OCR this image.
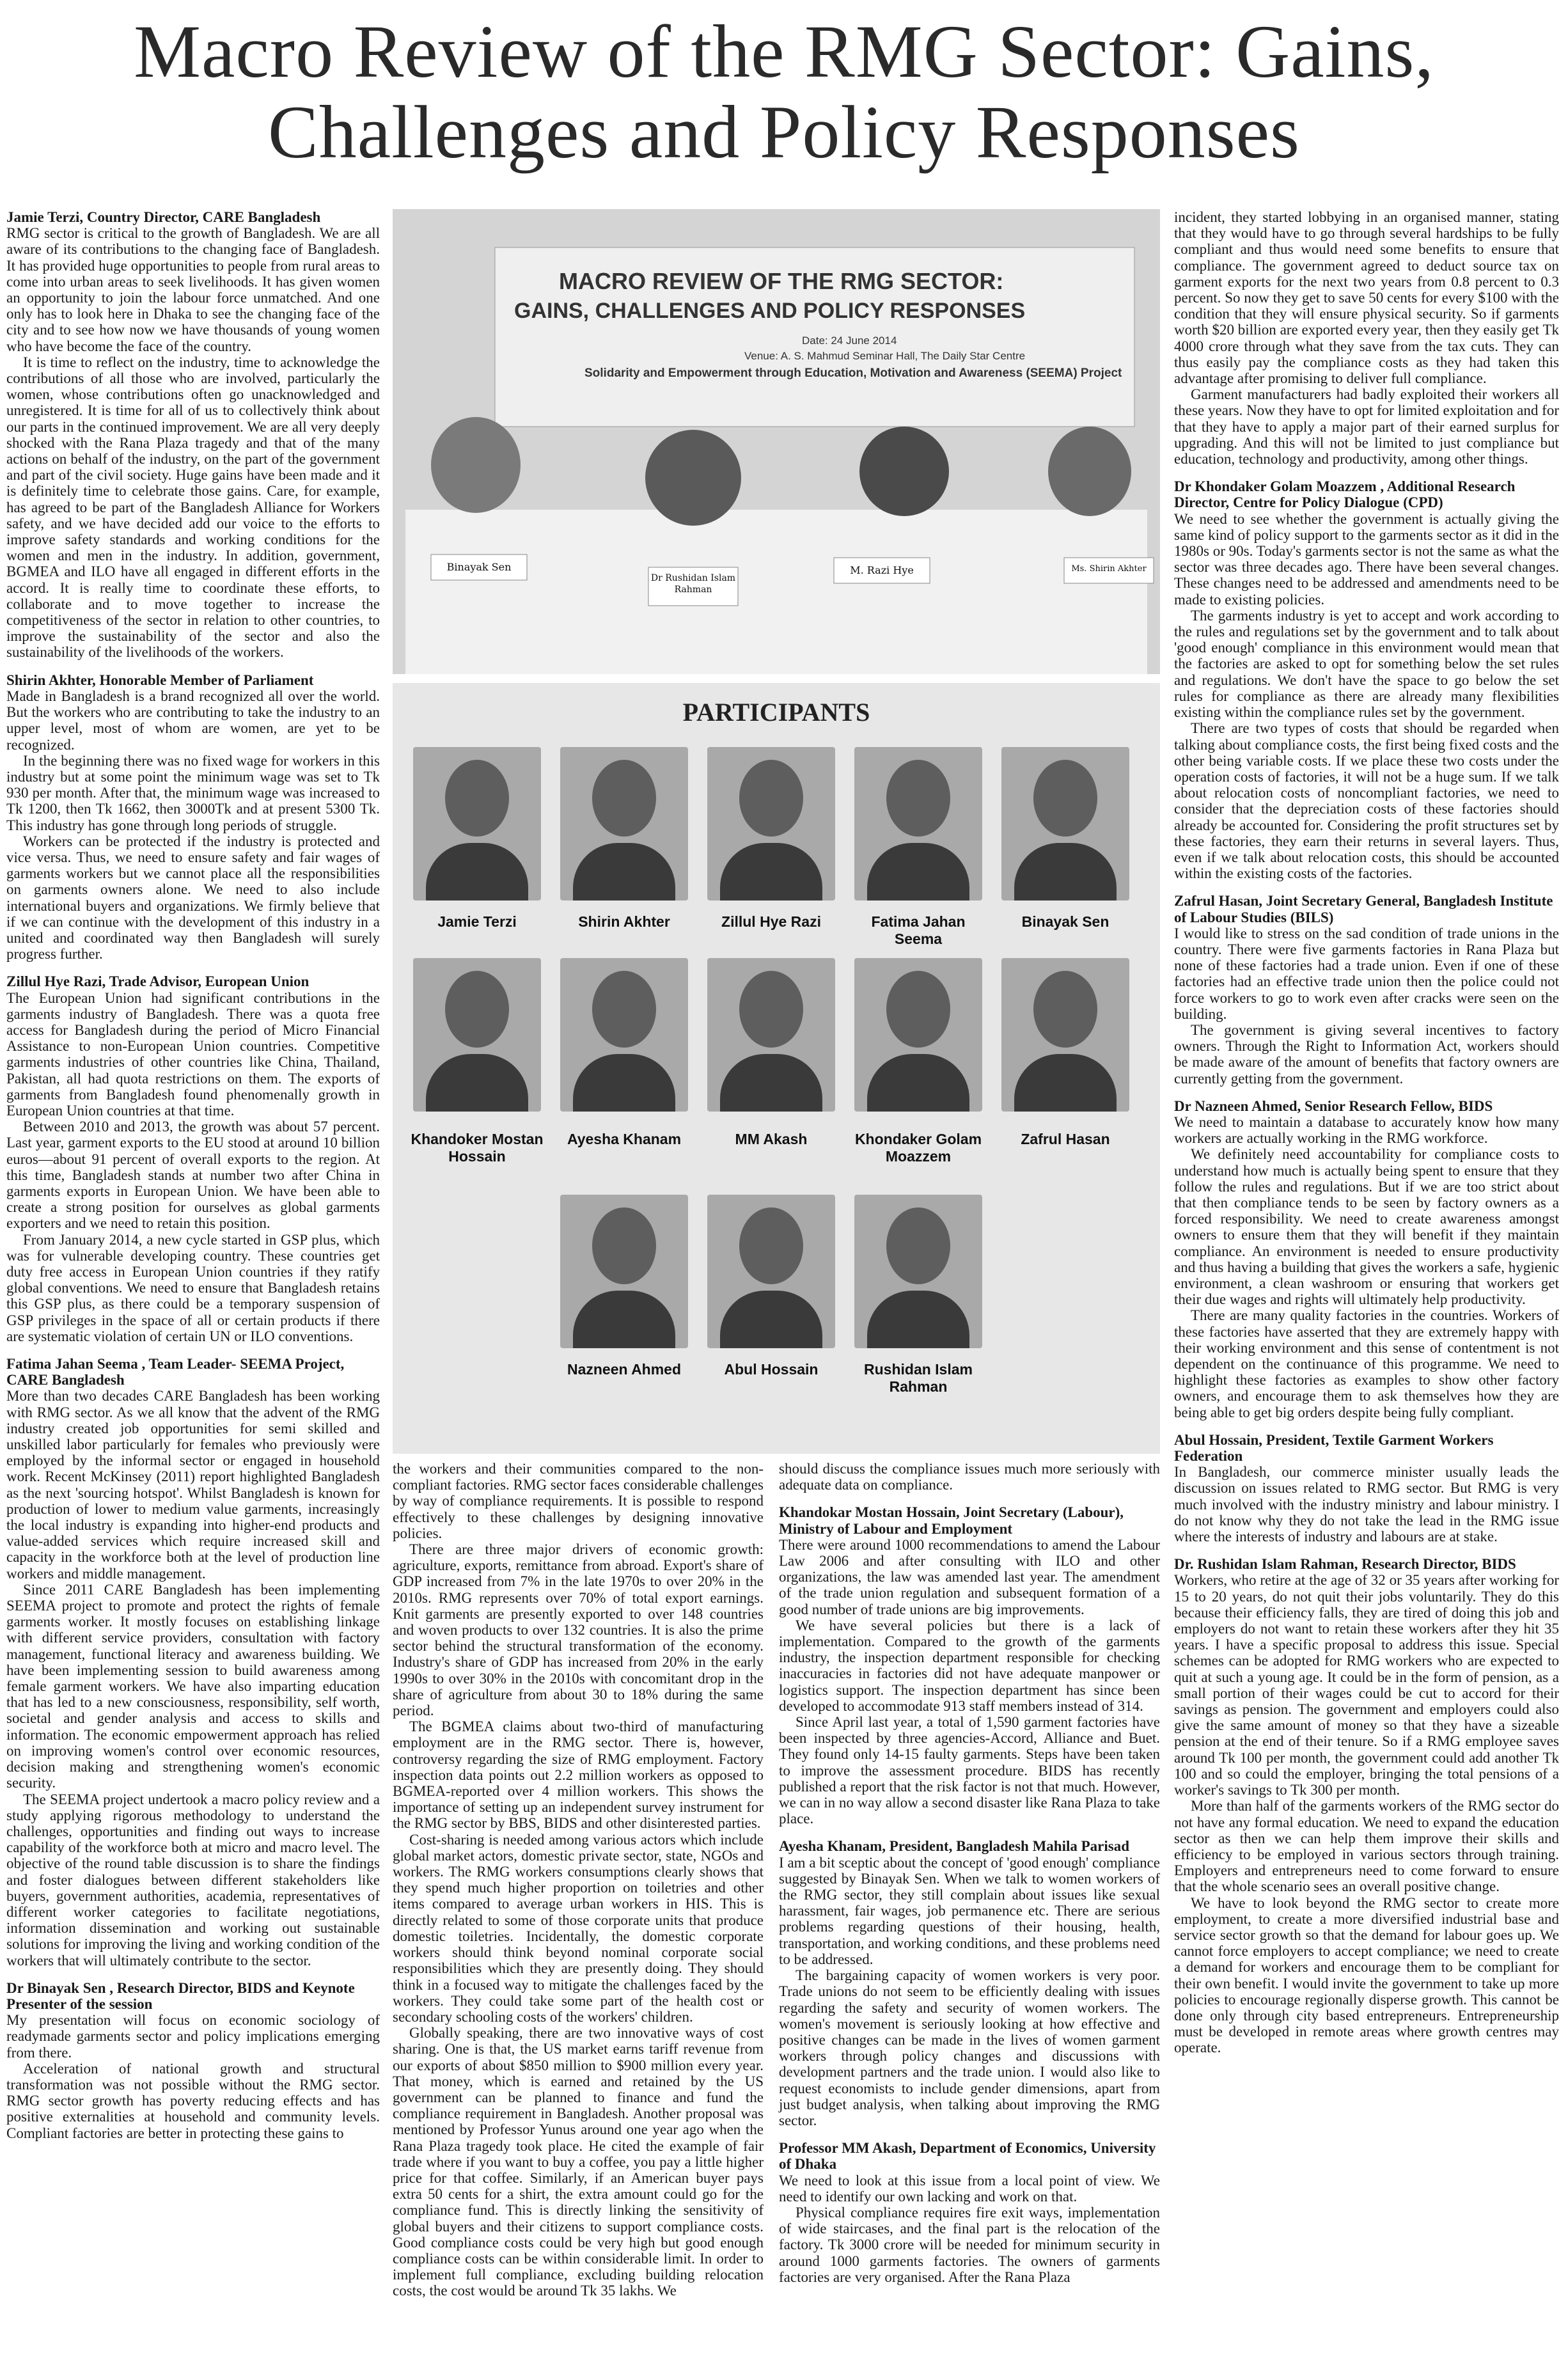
Macro Review of the RMG Sector: Gains, Challenges and Policy Responses
Jamie Terzi, Country Director, CARE Bangladesh

RMG sector is critical to the growth of Bangladesh. We are all aware of its contributions to the changing face of Bangladesh. It has provided huge opportunities to people from rural areas to come into urban areas to seek livelihoods. It has given women an opportunity to join the labour force unmatched. And one only has to look here in Dhaka to see the changing face of the city and to see how now we have thousands of young women who have become the face of the country.

It is time to reflect on the industry, time to acknowledge the contributions of all those who are involved, particularly the women, whose contributions often go unacknowledged and unregistered. It is time for all of us to collectively think about our parts in the continued improvement. We are all very deeply shocked with the Rana Plaza tragedy and that of the many actions on behalf of the industry, on the part of the government and part of the civil society. Huge gains have been made and it is definitely time to celebrate those gains. Care, for example, has agreed to be part of the Bangladesh Alliance for Workers safety, and we have decided add our voice to the efforts to improve safety standards and working conditions for the women and men in the industry. In addition, government, BGMEA and ILO have all engaged in different efforts in the accord. It is really time to coordinate these efforts, to collaborate and to move together to increase the competitiveness of the sector in relation to other countries, to improve the sustainability of the sector and also the sustainability of the livelihoods of the workers.

Shirin Akhter, Honorable Member of Parliament

Made in Bangladesh is a brand recognized all over the world. But the workers who are contributing to take the industry to an upper level, most of whom are women, are yet to be recognized.

In the beginning there was no fixed wage for workers in this industry but at some point the minimum wage was set to Tk 930 per month. After that, the minimum wage was increased to Tk 1200, then Tk 1662, then 3000Tk and at present 5300 Tk. This industry has gone through long periods of struggle.

Workers can be protected if the industry is protected and vice versa. Thus, we need to ensure safety and fair wages of garments workers but we cannot place all the responsibilities on garments owners alone. We need to also include international buyers and organizations. We firmly believe that if we can continue with the development of this industry in a united and coordinated way then Bangladesh will surely progress further.

Zillul Hye Razi, Trade Advisor, European Union

The European Union had significant contributions in the garments industry of Bangladesh. There was a quota free access for Bangladesh during the period of Micro Financial Assistance to non-European Union countries. Competitive garments industries of other countries like China, Thailand, Pakistan, all had quota restrictions on them. The exports of garments from Bangladesh found phenomenally growth in European Union countries at that time.

Between 2010 and 2013, the growth was about 57 percent. Last year, garment exports to the EU stood at around 10 billion euros—about 91 percent of overall exports to the region. At this time, Bangladesh stands at number two after China in garments exports in European Union. We have been able to create a strong position for ourselves as global garments exporters and we need to retain this position.

From January 2014, a new cycle started in GSP plus, which was for vulnerable developing country. These countries get duty free access in European Union countries if they ratify global conventions. We need to ensure that Bangladesh retains this GSP plus, as there could be a temporary suspension of GSP privileges in the space of all or certain products if there are systematic violation of certain UN or ILO conventions.

Fatima Jahan Seema , Team Leader- SEEMA Project, CARE Bangladesh

More than two decades CARE Bangladesh has been working with RMG sector. As we all know that the advent of the RMG industry created job opportunities for semi skilled and unskilled labor particularly for females who previously were employed by the informal sector or engaged in household work. Recent McKinsey (2011) report highlighted Bangladesh as the next 'sourcing hotspot'. Whilst Bangladesh is known for production of lower to medium value garments, increasingly the local industry is expanding into higher-end products and value-added services which require increased skill and capacity in the workforce both at the level of production line workers and middle management.

Since 2011 CARE Bangladesh has been implementing SEEMA project to promote and protect the rights of female garments worker. It mostly focuses on establishing linkage with different service providers, consultation with factory management, functional literacy and awareness building. We have been implementing session to build awareness among female garment workers. We have also imparting education that has led to a new consciousness, responsibility, self worth, societal and gender analysis and access to skills and information. The economic empowerment approach has relied on improving women's control over economic resources, decision making and strengthening women's economic security.

The SEEMA project undertook a macro policy review and a study applying rigorous methodology to understand the challenges, opportunities and finding out ways to increase capability of the workforce both at micro and macro level. The objective of the round table discussion is to share the findings and foster dialogues between different stakeholders like buyers, government authorities, academia, representatives of different worker categories to facilitate negotiations, information dissemination and working out sustainable solutions for improving the living and working condition of the workers that will ultimately contribute to the sector.

Dr Binayak Sen , Research Director, BIDS and Keynote Presenter of the session

My presentation will focus on economic sociology of readymade garments sector and policy implications emerging from there.

Acceleration of national growth and structural transformation was not possible without the RMG sector. RMG sector growth has poverty reducing effects and has positive externalities at household and community levels. Compliant factories are better in protecting these gains to

the workers and their communities compared to the non-compliant factories. RMG sector faces considerable challenges by way of compliance requirements. It is possible to respond effectively to these challenges by designing innovative policies.

There are three major drivers of economic growth: agriculture, exports, remittance from abroad. Export's share of GDP increased from 7% in the late 1970s to over 20% in the 2010s. RMG represents over 70% of total export earnings. Knit garments are presently exported to over 148 countries and woven products to over 132 countries. It is also the prime sector behind the structural transformation of the economy. Industry's share of GDP has increased from 20% in the early 1990s to over 30% in the 2010s with concomitant drop in the share of agriculture from about 30 to 18% during the same period.

The BGMEA claims about two-third of manufacturing employment are in the RMG sector. There is, however, controversy regarding the size of RMG employment. Factory inspection data points out 2.2 million workers as opposed to BGMEA-reported over 4 million workers. This shows the importance of setting up an independent survey instrument for the RMG sector by BBS, BIDS and other disinterested parties.

Cost-sharing is needed among various actors which include global market actors, domestic private sector, state, NGOs and workers. The RMG workers consumptions clearly shows that they spend much higher proportion on toiletries and other items compared to average urban workers in HIS. This is directly related to some of those corporate units that produce domestic toiletries. Incidentally, the domestic corporate workers should think beyond nominal corporate social responsibilities which they are presently doing. They should think in a focused way to mitigate the challenges faced by the workers. They could take some part of the health cost or secondary schooling costs of the workers' children.

Globally speaking, there are two innovative ways of cost sharing. One is that, the US market earns tariff revenue from our exports of about $850 million to $900 million every year. That money, which is earned and retained by the US government can be planned to finance and fund the compliance requirement in Bangladesh. Another proposal was mentioned by Professor Yunus around one year ago when the Rana Plaza tragedy took place. He cited the example of fair trade where if you want to buy a coffee, you pay a little higher price for that coffee. Similarly, if an American buyer pays extra 50 cents for a shirt, the extra amount could go for the compliance fund. This is directly linking the sensitivity of global buyers and their citizens to support compliance costs. Good compliance costs could be very high but good enough compliance costs can be within considerable limit. In order to implement full compliance, excluding building relocation costs, the cost would be around Tk 35 lakhs. We

should discuss the compliance issues much more seriously with adequate data on compliance.

Khandokar Mostan Hossain, Joint Secretary (Labour), Ministry of Labour and Employment

There were around 1000 recommendations to amend the Labour Law 2006 and after consulting with ILO and other organizations, the law was amended last year. The amendment of the trade union regulation and subsequent formation of a good number of trade unions are big improvements.

We have several policies but there is a lack of implementation. Compared to the growth of the garments industry, the inspection department responsible for checking inaccuracies in factories did not have adequate manpower or logistics support. The inspection department has since been developed to accommodate 913 staff members instead of 314.

Since April last year, a total of 1,590 garment factories have been inspected by three agencies-Accord, Alliance and Buet. They found only 14-15 faulty garments. Steps have been taken to improve the assessment procedure. BIDS has recently published a report that the risk factor is not that much. However, we can in no way allow a second disaster like Rana Plaza to take place.

Ayesha Khanam, President, Bangladesh Mahila Parisad

I am a bit sceptic about the concept of 'good enough' compliance suggested by Binayak Sen. When we talk to women workers of the RMG sector, they still complain about issues like sexual harassment, fair wages, job permanence etc. There are serious problems regarding questions of their housing, health, transportation, and working conditions, and these problems need to be addressed.

The bargaining capacity of women workers is very poor. Trade unions do not seem to be efficiently dealing with issues regarding the safety and security of women workers. The women's movement is seriously looking at how effective and positive changes can be made in the lives of women garment workers through policy changes and discussions with development partners and the trade union. I would also like to request economists to include gender dimensions, apart from just budget analysis, when talking about improving the RMG sector.

Professor MM Akash, Department of Economics, University of Dhaka

We need to look at this issue from a local point of view. We need to identify our own lacking and work on that.

Physical compliance requires fire exit ways, implementation of wide staircases, and the final part is the relocation of the factory. Tk 3000 crore will be needed for minimum security in around 1000 garments factories. The owners of garments factories are very organised. After the Rana Plaza

incident, they started lobbying in an organised manner, stating that they would have to go through several hardships to be fully compliant and thus would need some benefits to ensure that compliance. The government agreed to deduct source tax on garment exports for the next two years from 0.8 percent to 0.3 percent. So now they get to save 50 cents for every $100 with the condition that they will ensure physical security. So if garments worth $20 billion are exported every year, then they easily get Tk 4000 crore through what they save from the tax cuts. They can thus easily pay the compliance costs as they had taken this advantage after promising to deliver full compliance.

Garment manufacturers had badly exploited their workers all these years. Now they have to opt for limited exploitation and for that they have to apply a major part of their earned surplus for upgrading. And this will not be limited to just compliance but education, technology and productivity, among other things.

Dr Khondaker Golam Moazzem , Additional Research Director, Centre for Policy Dialogue (CPD)

We need to see whether the government is actually giving the same kind of policy support to the garments sector as it did in the 1980s or 90s. Today's garments sector is not the same as what the sector was three decades ago. There have been several changes. These changes need to be addressed and amendments need to be made to existing policies.

The garments industry is yet to accept and work according to the rules and regulations set by the government and to talk about 'good enough' compliance in this environment would mean that the factories are asked to opt for something below the set rules and regulations. We don't have the space to go below the set rules for compliance as there are already many flexibilities existing within the compliance rules set by the government.

There are two types of costs that should be regarded when talking about compliance costs, the first being fixed costs and the other being variable costs. If we place these two costs under the operation costs of factories, it will not be a huge sum. If we talk about relocation costs of noncompliant factories, we need to consider that the depreciation costs of these factories should already be accounted for. Considering the profit structures set by these factories, they earn their returns in several layers. Thus, even if we talk about relocation costs, this should be accounted within the existing costs of the factories.

Zafrul Hasan, Joint Secretary General, Bangladesh Institute of Labour Studies (BILS)

I would like to stress on the sad condition of trade unions in the country. There were five garments factories in Rana Plaza but none of these factories had a trade union. Even if one of these factories had an effective trade union then the police could not force workers to go to work even after cracks were seen on the building.

The government is giving several incentives to factory owners. Through the Right to Information Act, workers should be made aware of the amount of benefits that factory owners are currently getting from the government.

Dr Nazneen Ahmed, Senior Research Fellow, BIDS

We need to maintain a database to accurately know how many workers are actually working in the RMG workforce.

We definitely need accountability for compliance costs to understand how much is actually being spent to ensure that they follow the rules and regulations. But if we are too strict about that then compliance tends to be seen by factory owners as a forced responsibility. We need to create awareness amongst owners to ensure them that they will benefit if they maintain compliance. An environment is needed to ensure productivity and thus having a building that gives the workers a safe, hygienic environment, a clean washroom or ensuring that workers get their due wages and rights will ultimately help productivity.

There are many quality factories in the countries. Workers of these factories have asserted that they are extremely happy with their working environment and this sense of contentment is not dependent on the continuance of this programme. We need to highlight these factories as examples to show other factory owners, and encourage them to ask themselves how they are being able to get big orders despite being fully compliant.

Abul Hossain, President, Textile Garment Workers Federation

In Bangladesh, our commerce minister usually leads the discussion on issues related to RMG sector. But RMG is very much involved with the industry ministry and labour ministry. I do not know why they do not take the lead in the RMG issue where the interests of industry and labours are at stake.

Dr. Rushidan Islam Rahman, Research Director, BIDS

Workers, who retire at the age of 32 or 35 years after working for 15 to 20 years, do not quit their jobs voluntarily. They do this because their efficiency falls, they are tired of doing this job and employers do not want to retain these workers after they hit 35 years. I have a specific proposal to address this issue. Special schemes can be adopted for RMG workers who are expected to quit at such a young age. It could be in the form of pension, as a small portion of their wages could be cut to accord for their savings as pension. The government and employers could also give the same amount of money so that they have a sizeable pension at the end of their tenure. So if a RMG employee saves around Tk 100 per month, the government could add another Tk 100 and so could the employer, bringing the total pensions of a worker's savings to Tk 300 per month.

More than half of the garments workers of the RMG sector do not have any formal education. We need to expand the education sector as then we can help them improve their skills and efficiency to be employed in various sectors through training. Employers and entrepreneurs need to come forward to ensure that the whole scenario sees an overall positive change.

We have to look beyond the RMG sector to create more employment, to create a more diversified industrial base and service sector growth so that the demand for labour goes up. We cannot force employers to accept compliance; we need to create a demand for workers and encourage them to be compliant for their own benefit. I would invite the government to take up more policies to encourage regionally disperse growth. This cannot be done only through city based entrepreneurs. Entrepreneurship must be developed in remote areas where growth centres may operate.

MACRO REVIEW OF THE RMG SECTOR:
GAINS, CHALLENGES AND POLICY RESPONSES
Date: 24 June 2014
Venue: A. S. Mahmud Seminar Hall, The Daily Star Centre
Solidarity and Empowerment through Education, Motivation and Awareness (SEEMA) Project
Binayak Sen
Dr Rushidan Islam Rahman
M. Razi Hye	Ms. Shirin Akhter
PARTICIPANTS
Jamie Terzi	Shirin Akhter	Zillul Hye Razi	Fatima Jahan Seema
Binayak Sen
Khandoker Mostan Hossain
Ayesha Khanam	MM Akash	Khondaker Golam Moazzem
Zafrul Hasan
Nazneen Ahmed	Abul Hossain	Rushidan Islam Rahman
